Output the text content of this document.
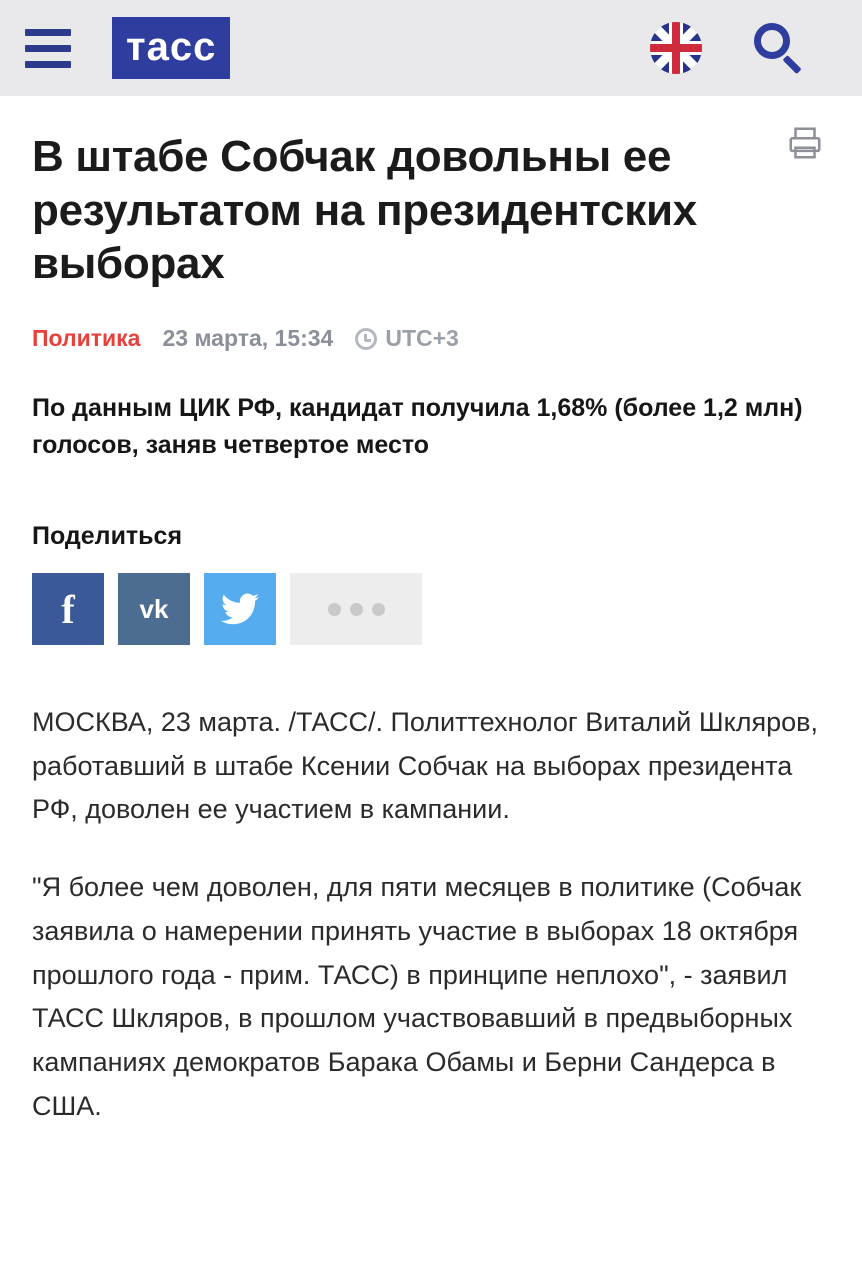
тасс
В штабе Собчак довольны ее результатом на президентских выборах
Политика 23 марта, 15:34 UTC+3
По данным ЦИК РФ, кандидат получила 1,68% (более 1,2 млн) голосов, заняв четвертое место
Поделиться
f	vk

МОСКВА, 23 марта. /ТАСС/. Политтехнолог Виталий Шкляров, работавший в штабе Ксении Собчак на выборах президента РФ, доволен ее участием в кампании.

"Я более чем доволен, для пяти месяцев в политике (Собчак заявила о намерении принять участие в выборах 18 октября прошлого года - прим. ТАСС) в принципе неплохо", - заявил ТАСС Шкляров, в прошлом участвовавший в предвыборных кампаниях демократов Барака Обамы и Берни Сандерса в США.
